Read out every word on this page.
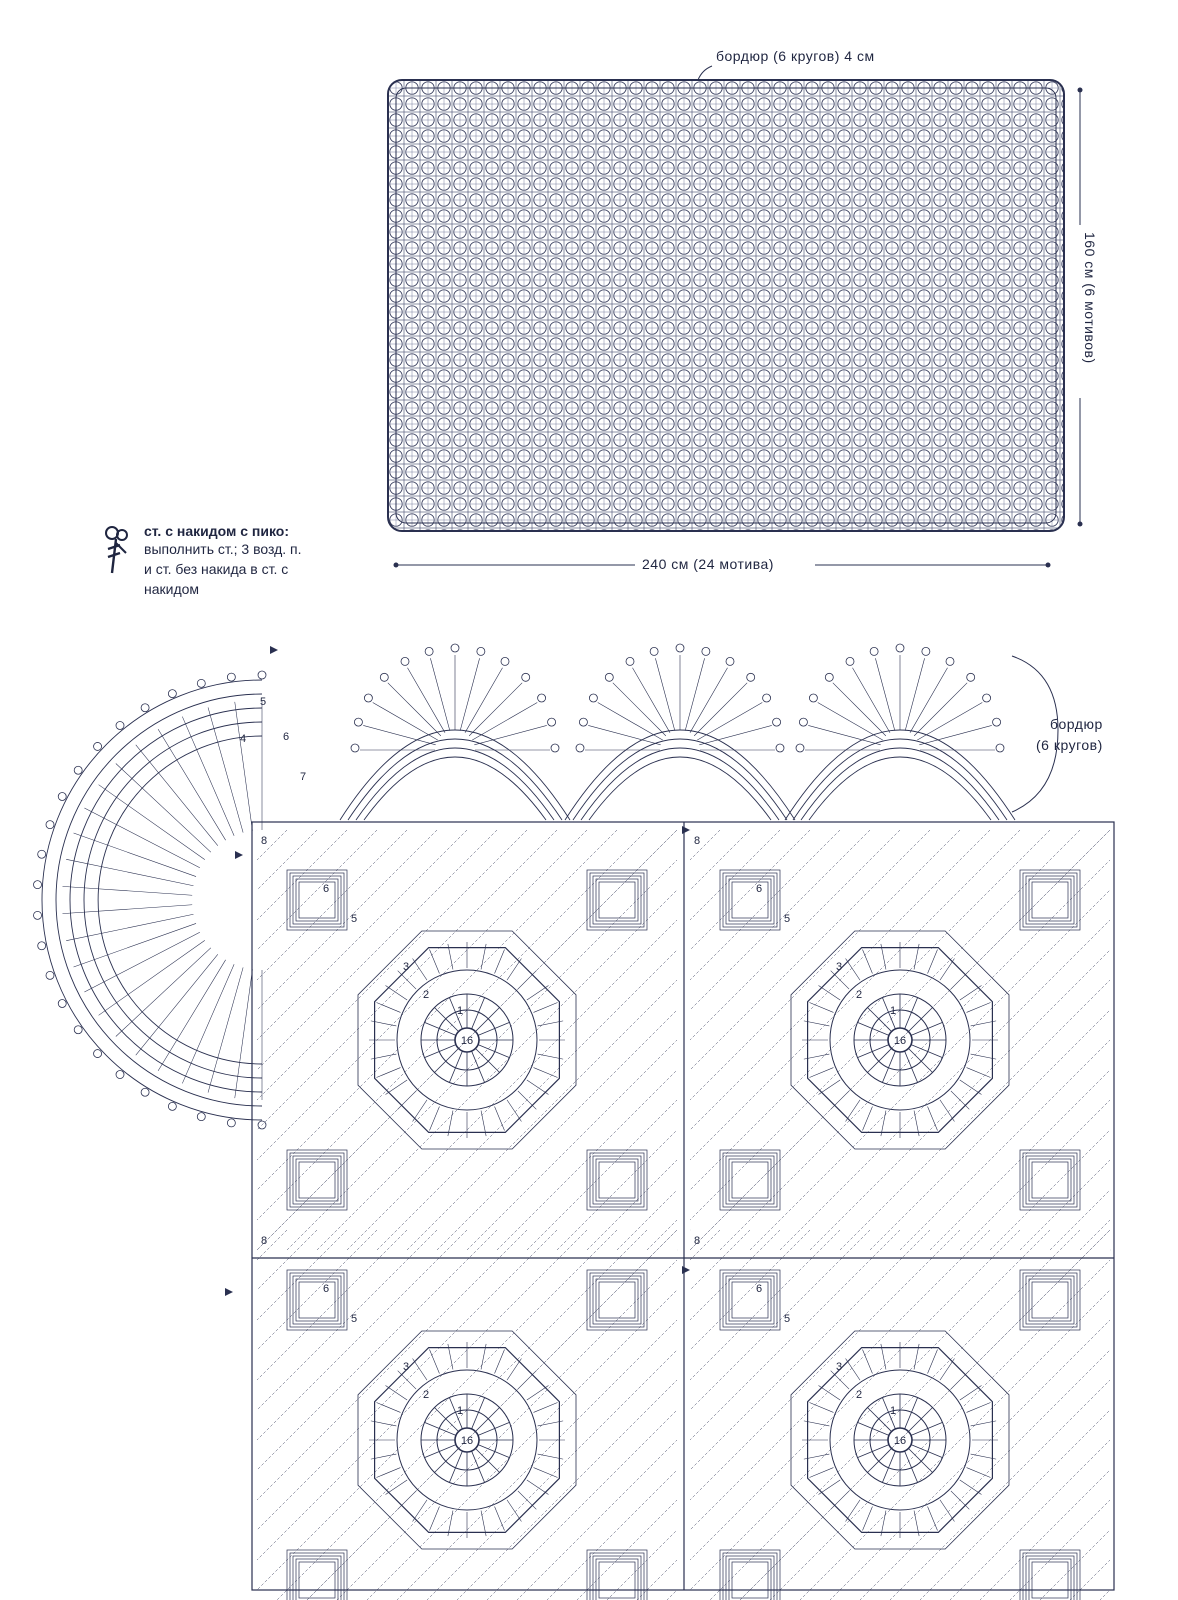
бордюр (6 кругов) 4 см
160 см (6 мотивов)
240 см (24 мотива)
ст. с накидом с пико:
выполнить ст.; 3 возд. п.
и ст. без накида в ст. с
накидом
16
1
2
3
5
6
8
16
1
2
3
5
6
8
16
1
2
3
5
6
8
16
1
2
3
5
6
8
4
5
6
7
бордюр
(6 кругов)
